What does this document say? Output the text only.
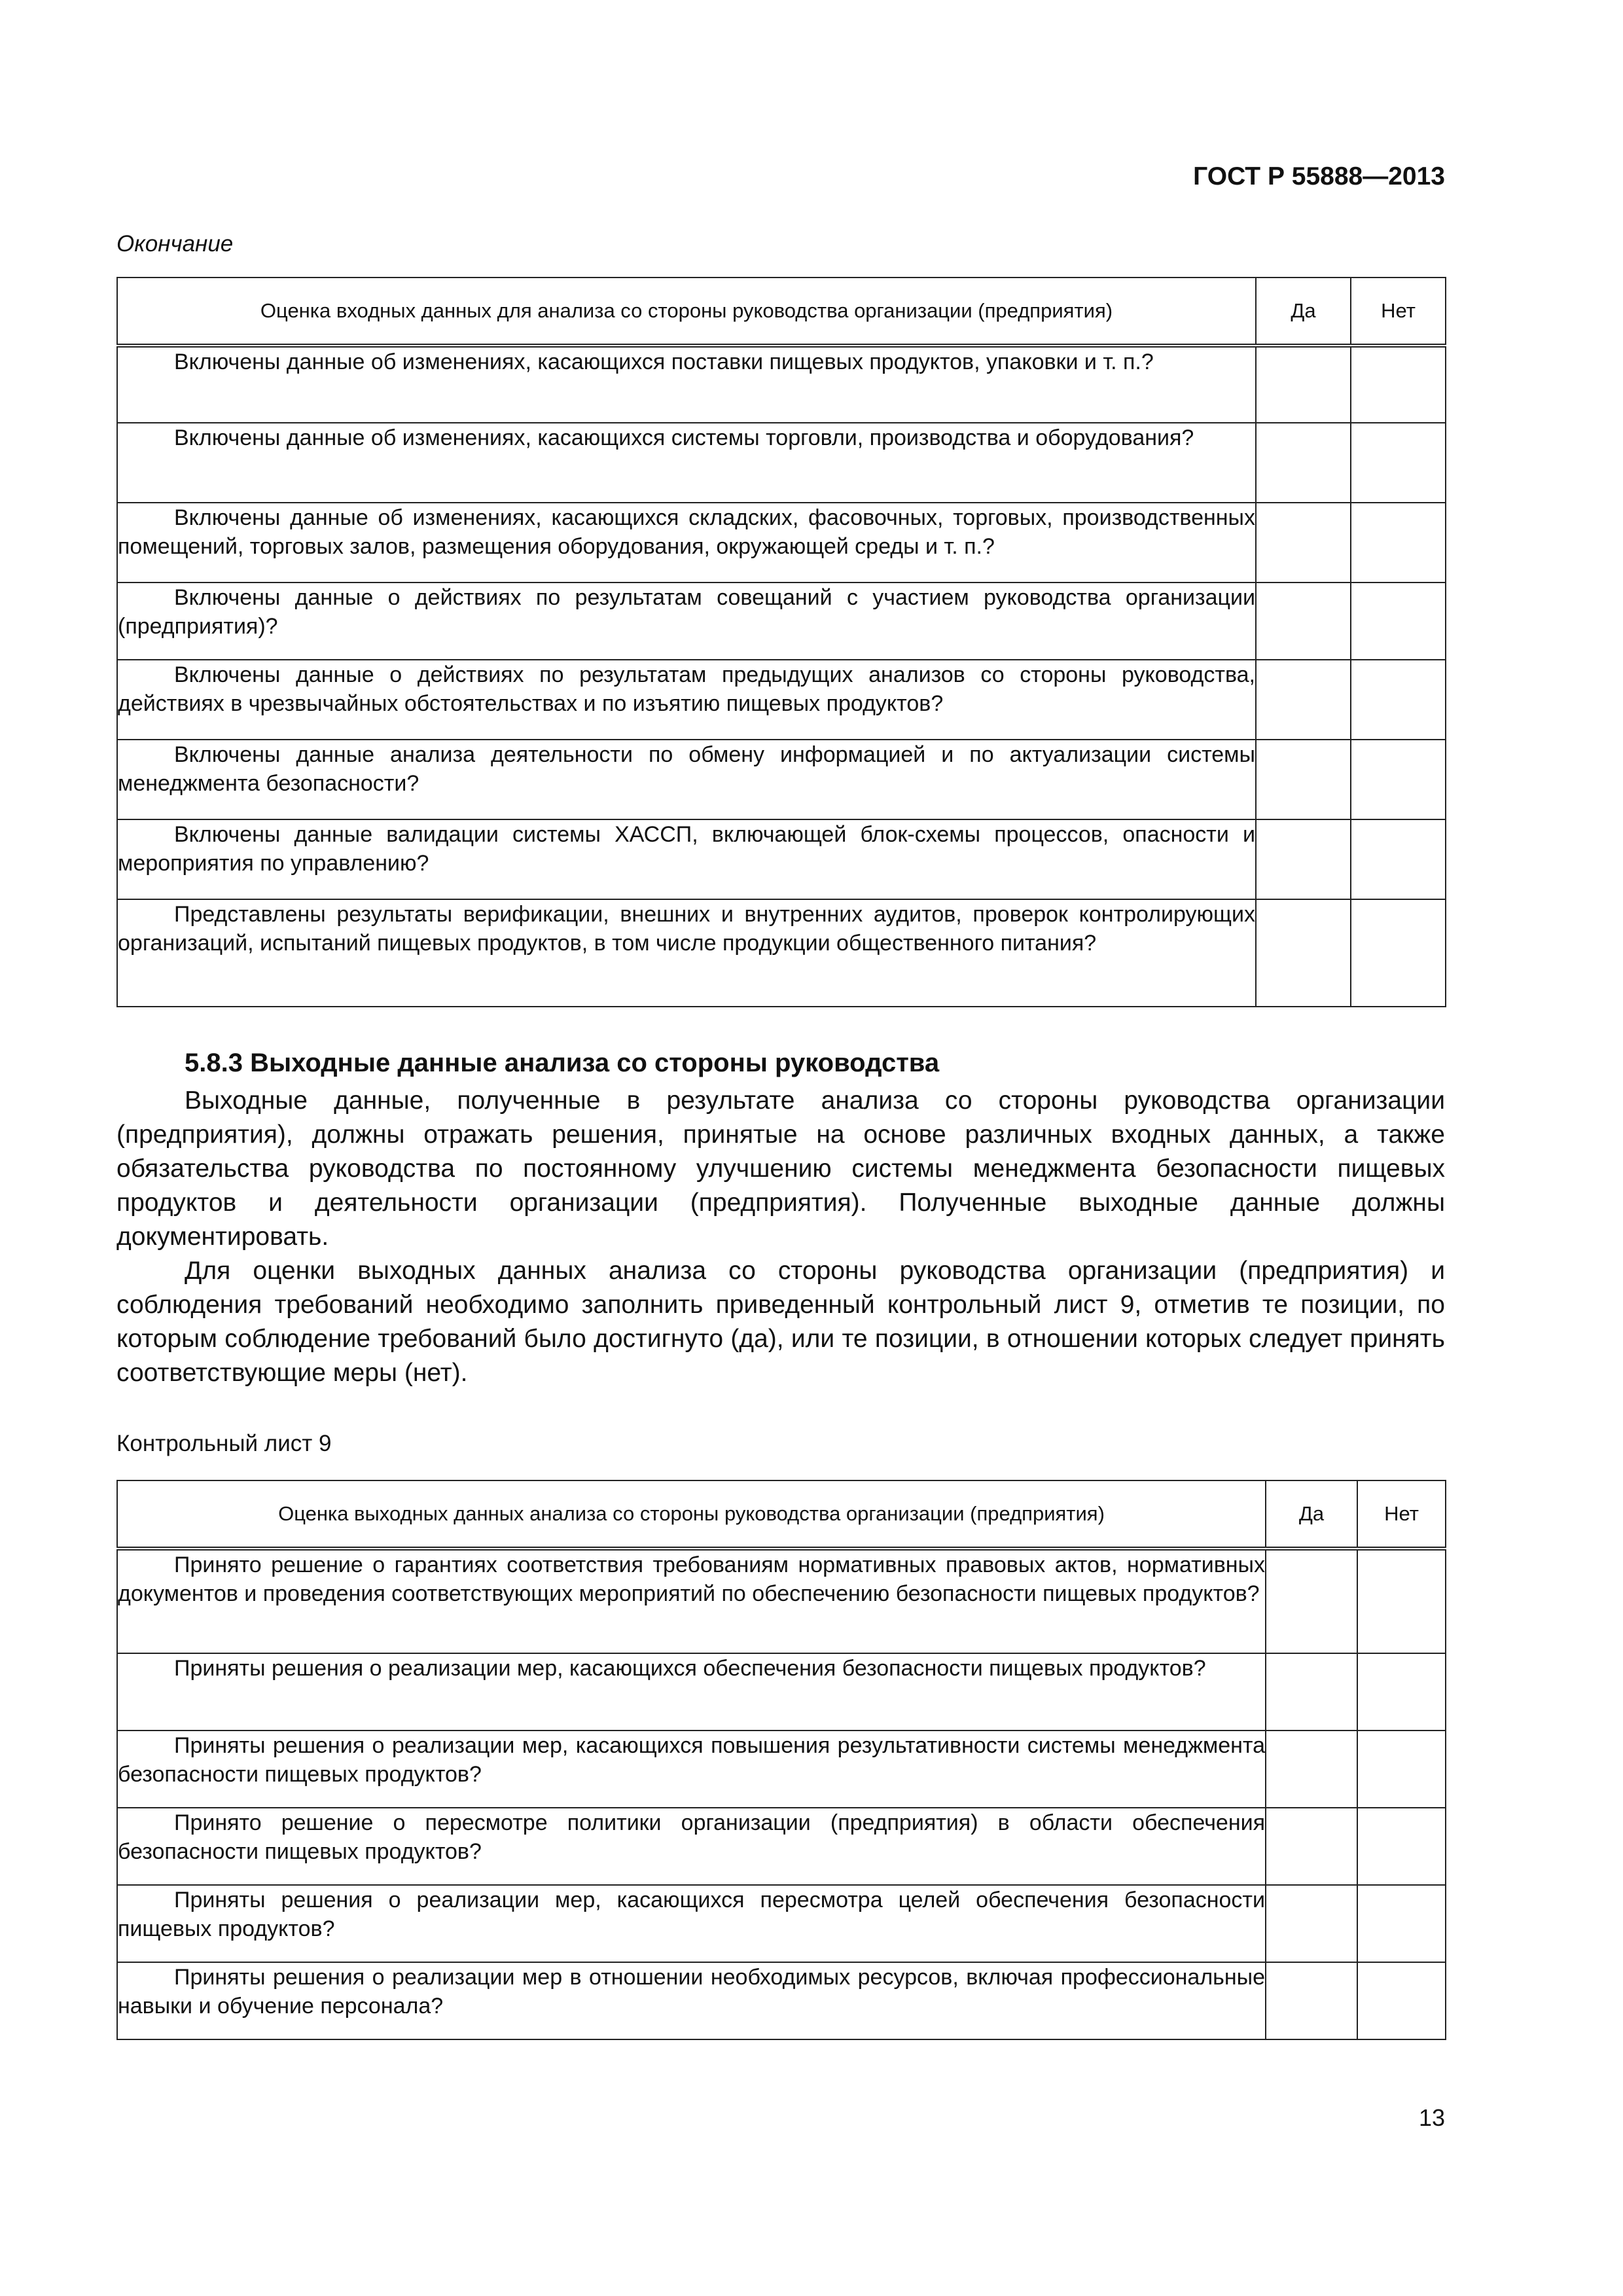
ГОСТ Р 55888—2013
Окончание
Оценка входных данных для анализа со стороны руководства организации (предприятия)	Да	Нет
Включены данные об изменениях, касающихся поставки пищевых продуктов, упаковки и т. п.?		
Включены данные об изменениях, касающихся системы торговли, производства и оборудования?		
Включены данные об изменениях, касающихся складских, фасовочных, торговых, производственных помещений, торговых залов, размещения оборудования, окружающей среды и т. п.?		
Включены данные о действиях по результатам совещаний с участием руководства организации (предприятия)?		
Включены данные о действиях по результатам предыдущих анализов со стороны руководства, действиях в чрезвычайных обстоятельствах и по изъятию пищевых продуктов?		
Включены данные анализа деятельности по обмену информацией и по актуализации системы менеджмента безопасности?		
Включены данные валидации системы ХАССП, включающей блок-схемы процессов, опасности и мероприятия по управлению?		
Представлены результаты верификации, внешних и внутренних аудитов, проверок контролирующих организаций, испытаний пищевых продуктов, в том числе продукции общественного питания?		
5.8.3 Выходные данные анализа со стороны руководства

Выходные данные, полученные в результате анализа со стороны руководства организации (предприятия), должны отражать решения, принятые на основе различных входных данных, а также обязательства руководства по постоянному улучшению системы менеджмента безопасности пищевых продуктов и деятельности организации (предприятия). Полученные выходные данные должны документировать.

Для оценки выходных данных анализа со стороны руководства организации (предприятия) и соблюдения требований необходимо заполнить приведенный контрольный лист 9, отметив те позиции, по которым соблюдение требований было достигнуто (да), или те позиции, в отношении которых следует принять соответствующие меры (нет).

Контрольный лист 9
Оценка выходных данных анализа со стороны руководства организации (предприятия)	Да	Нет
Принято решение о гарантиях соответствия требованиям нормативных правовых актов, нормативных документов и проведения соответствующих мероприятий по обеспечению безопасности пищевых продуктов?		
Приняты решения о реализации мер, касающихся обеспечения безопасности пищевых продуктов?		
Приняты решения о реализации мер, касающихся повышения результативности системы менеджмента безопасности пищевых продуктов?		
Принято решение о пересмотре политики организации (предприятия) в области обеспечения безопасности пищевых продуктов?		
Приняты решения о реализации мер, касающихся пересмотра целей обеспечения безопасности пищевых продуктов?		
Приняты решения о реализации мер в отношении необходимых ресурсов, включая профессиональные навыки и обучение персонала?		
13
